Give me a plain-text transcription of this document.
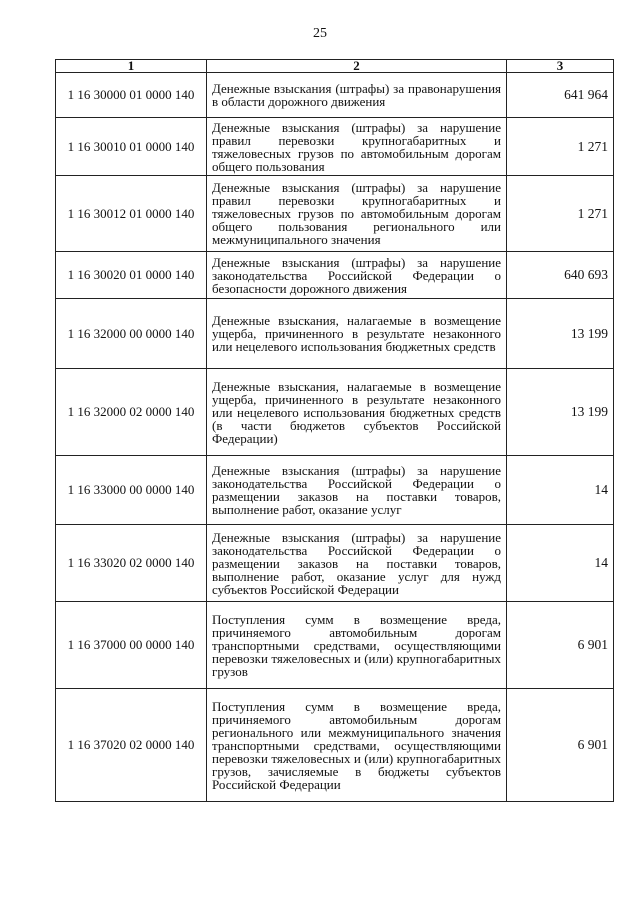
25
1	2	3
1 16 30000 01 0000 140	Денежные взыскания (штрафы) за правонарушения в области дорожного движения	641 964
1 16 30010 01 0000 140	Денежные взыскания (штрафы) за нарушение правил перевозки крупногабаритных и тяжеловесных грузов по автомобильным дорогам общего пользования	1 271
1 16 30012 01 0000 140	Денежные взыскания (штрафы) за нарушение правил перевозки крупногабаритных и тяжеловесных грузов по автомобильным дорогам общего пользования регионального или межмуниципального значения	1 271
1 16 30020 01 0000 140	Денежные взыскания (штрафы) за нарушение законодательства Российской Федерации о безопасности дорожного движения	640 693
1 16 32000 00 0000 140	Денежные взыскания, налагаемые в возмещение ущерба, причиненного в результате незаконного или нецелевого использования бюджетных средств	13 199
1 16 32000 02 0000 140	Денежные взыскания, налагаемые в возмещение ущерба, причиненного в результате незаконного или нецелевого использования бюджетных средств (в части бюджетов субъектов Российской Федерации)	13 199
1 16 33000 00 0000 140	Денежные взыскания (штрафы) за нарушение законодательства Российской Федерации о размещении заказов на поставки товаров, выполнение работ, оказание услуг	14
1 16 33020 02 0000 140	Денежные взыскания (штрафы) за нарушение законодательства Российской Федерации о размещении заказов на поставки товаров, выполнение работ, оказание услуг для нужд субъектов Российской Федерации	14
1 16 37000 00 0000 140	Поступления сумм в возмещение вреда, причиняемого автомобильным дорогам транспортными средствами, осуществляющими перевозки тяжеловесных и (или) крупногабаритных грузов	6 901
1 16 37020 02 0000 140	Поступления сумм в возмещение вреда, причиняемого автомобильным дорогам регионального или межмуниципального значения транспортными средствами, осуществляющими перевозки тяжеловесных и (или) крупногабаритных грузов, зачисляемые в бюджеты субъектов Российской Федерации	6 901
